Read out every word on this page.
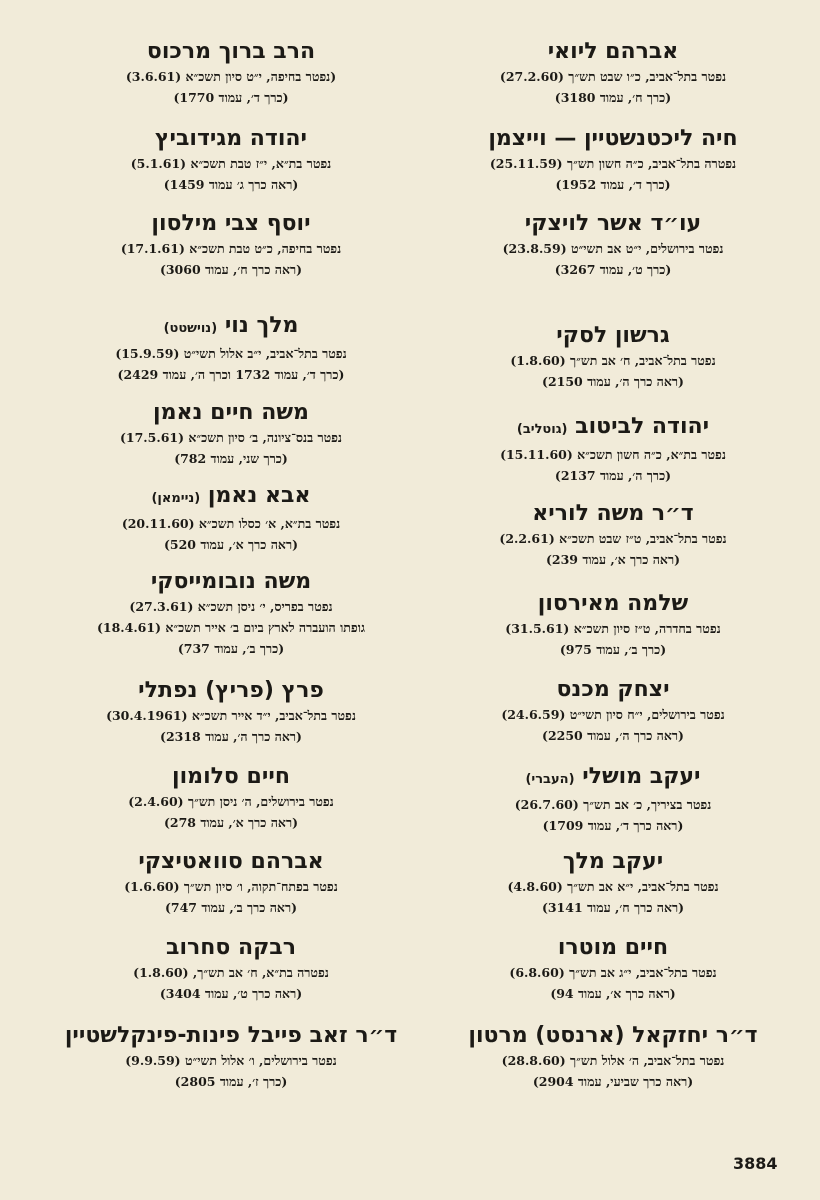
אברהם ליואי
נפטר בתל־אביב, כ״ו שבט תש״ך (27.2.60)
(כרך ח׳, עמוד 3180)
חיה ליכטנשטיין — וייצמן
נפטרה בתל־אביב, כ״ה חשון תש״ך (25.11.59)
(כרך ד׳, עמוד 1952)
עו״ד אשר לויצקי
נפטר בירושלים, י״ט אב תשי״ט (23.8.59)
(כרך ט׳, עמוד 3267)
גרשון לסקי
נפטר בתל־אביב, ח׳ אב תש״ך (1.8.60)
(ראה כרך ה׳, עמוד 2150)
יהודה לביטוב (גוטליב)
נפטר בת״א, כ״ה חשון תשכ״א (15.11.60)
(כרך ה׳, עמוד 2137)
ד״ר משה לוריא
נפטר בתל־אביב, ט״ז שבט תשכ״א (2.2.61)
(ראה כרך א׳, עמוד 239)
שלמה מאירסון
נפטר בחדרה, ט״ז סיון תשכ״א (31.5.61)
(כרך ב׳, עמוד 975)
יצחק מכנס
נפטר בירושלים, י״ח סיון תשי״ט (24.6.59)
(ראה כרך ה׳, עמוד 2250)
יעקב מושלי (העברי)
נפטר בציריך, כ׳ אב תש״ך (26.7.60)
(ראה כרך ד׳, עמוד 1709)
יעקב מלך
נפטר בתל־אביב, י״א אב תש״ך (4.8.60)
(ראה כרך ח׳, עמוד 3141)
חיים מוטרו
נפטר בתל־אביב, י״ג אב תש״ך (6.8.60)
(ראה כרך א׳, עמוד 94)
ד״ר יחזקאל (ארנסט) מרטון
נפטר בתל־אביב, ה׳ אלול תש״ך (28.8.60)
(ראה כרך שביעי, עמוד 2904)
הרב ברוך מרכוס
(נפטר בחיפה, י״ט סיון תשכ״א (3.6.61)
(כרך ד׳, עמוד 1770)
יהודה מגידוביץ
נפטר בת״א, י״ז טבת תשכ״א (5.1.61)
(ראה כרך ג׳ עמוד 1459)
יוסף צבי מילסון
נפטר בחיפה, כ״ט טבת תשכ״א (17.1.61)
(ראה כרך ח׳, עמוד 3060)
מלך נוי (נוישטט)
נפטר בתל־אביב, י״ב אלול תשי״ט (15.9.59)
(כרך ד׳, עמוד 1732 וכרך ה׳, עמוד 2429)
משה חיים נאמן
נפטר בנס־ציונה, ב׳ סיון תשכ״א (17.5.61)
(כרך שני, עמוד 782)
אבא נאמן (ניימאן)
נפטר בת״א, א׳ כסלו תשכ״א (20.11.60)
(ראה כרך א׳, עמוד 520)
משה נובומייסקי
נפטר בפריס, י׳ ניסן תשכ״א (27.3.61)
גופתו הועברה לארץ ביום ב׳ אייר תשכ״א (18.4.61)
(כרך ב׳, עמוד 737)
פרץ (פריץ) נפתלי
נפטר בתל־אביב, י״ד אייר תשכ״א (30.4.1961)
(ראה כרך ה׳, עמוד 2318)
חיים סלומון
נפטר בירושלים, ה׳ ניסן תש״ך (2.4.60)
(ראה כרך א׳, עמוד 278)
אברהם סוואטיצקי
נפטר בפתח־תקוה, ו׳ סיון תש״ך (1.6.60)
(ראה כרך ב׳, עמוד 747)
רבקה סחרוב
נפטרה בת״א, ח׳ אב תש״ך, (1.8.60)
(ראה כרך ט׳, עמוד 3404)
ד״ר זאב פייבל פינות-פינקלשטיין
נפטר בירושלים, ו׳ אלול תשי״ט (9.9.59)
(כרך ז׳, עמוד 2805)
3884
